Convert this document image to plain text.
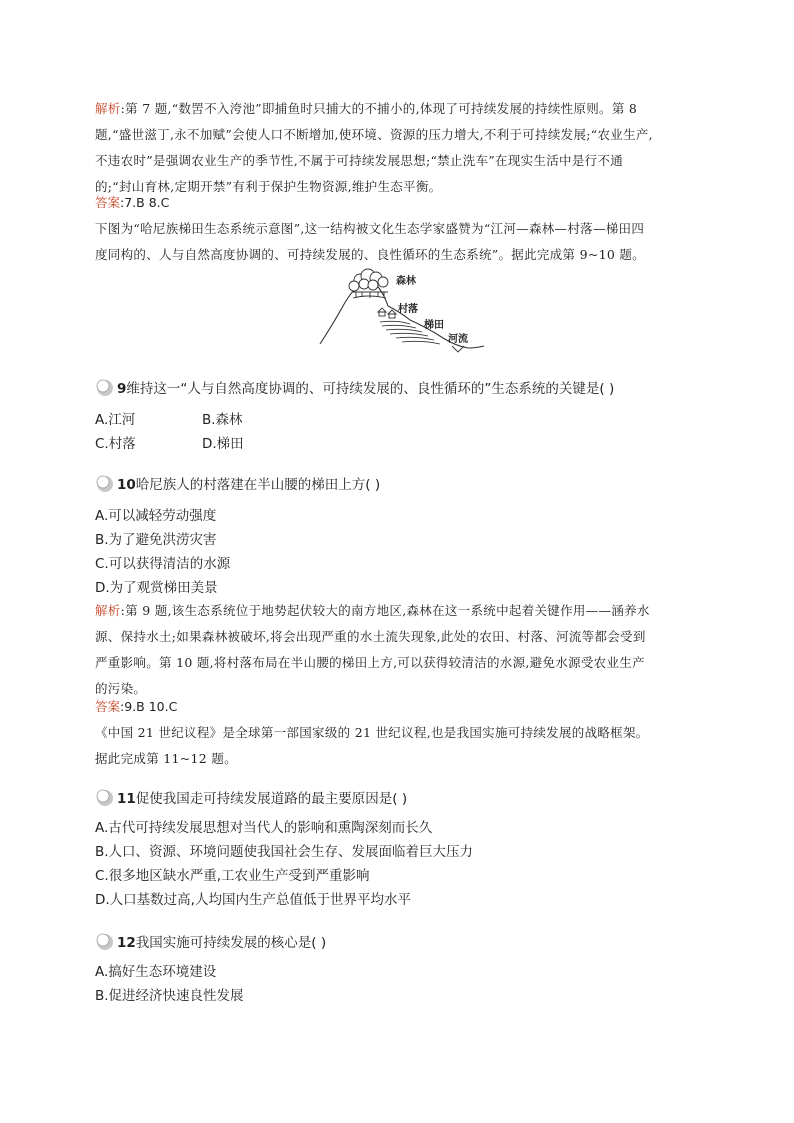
解析:第 7 题,“数罟不入洿池”即捕鱼时只捕大的不捕小的,体现了可持续发展的持续性原则。第 8

题,“盛世滋丁,永不加赋”会使人口不断增加,使环境、资源的压力增大,不利于可持续发展;“农业生产,

不违农时”是强调农业生产的季节性,不属于可持续发展思想;“禁止洗车”在现实生活中是行不通

的;“封山育林,定期开禁”有利于保护生物资源,维护生态平衡。

答案:7.B 8.C

下图为“哈尼族梯田生态系统示意图”,这一结构被文化生态学家盛赞为“江河—森林—村落—梯田四

度同构的、人与自然高度协调的、可持续发展的、良性循环的生态系统”。据此完成第 9~10 题。

森林
村落
梯田
河流
9维持这一“人与自然高度协调的、可持续发展的、良性循环的”生态系统的关键是( )
A.江河	B.森林
C.村落	D.梯田
10哈尼族人的村落建在半山腰的梯田上方( )
A.可以减轻劳动强度
B.为了避免洪涝灾害
C.可以获得清洁的水源
D.为了观赏梯田美景

解析:第 9 题,该生态系统位于地势起伏较大的南方地区,森林在这一系统中起着关键作用——涵养水

源、保持水土;如果森林被破坏,将会出现严重的水土流失现象,此处的农田、村落、河流等都会受到

严重影响。第 10 题,将村落布局在半山腰的梯田上方,可以获得较清洁的水源,避免水源受农业生产

的污染。

答案:9.B 10.C

《中国 21 世纪议程》是全球第一部国家级的 21 世纪议程,也是我国实施可持续发展的战略框架。

据此完成第 11~12 题。

11促使我国走可持续发展道路的最主要原因是( )
A.古代可持续发展思想对当代人的影响和熏陶深刻而长久
B.人口、资源、环境问题使我国社会生存、发展面临着巨大压力
C.很多地区缺水严重,工农业生产受到严重影响
D.人口基数过高,人均国内生产总值低于世界平均水平
12我国实施可持续发展的核心是( )
A.搞好生态环境建设
B.促进经济快速良性发展
